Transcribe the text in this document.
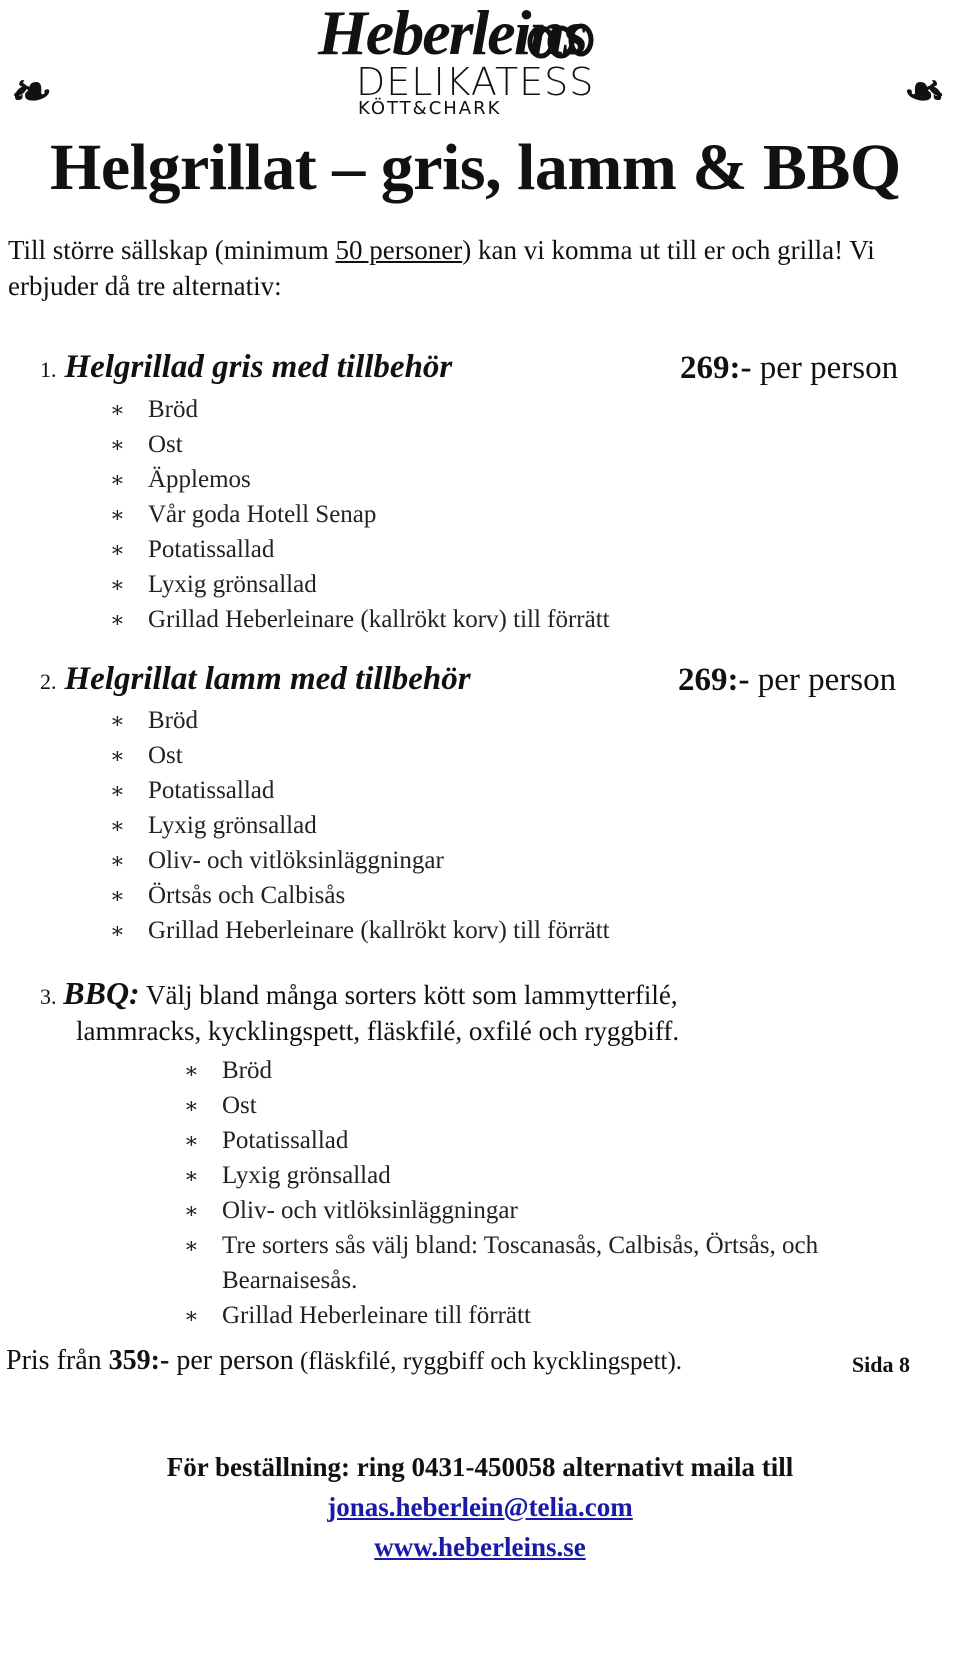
Heberleins
DELIKATESS
KÖTT&CHARK
❧	❧
Helgrillat – gris, lamm & BBQ

Till större sällskap (minimum 50 personer) kan vi komma ut till er och grilla! Vi erbjuder då tre alternativ:

1. Helgrillad gris med tillbehör	269:- per person
∗ Bröd
∗ Ost
∗ Äpplemos
∗ Vår goda Hotell Senap
∗ Potatissallad
∗ Lyxig grönsallad
∗ Grillad Heberleinare (kallrökt korv) till förrätt
2. Helgrillat lamm med tillbehör	269:- per person
∗ Bröd
∗ Ost
∗ Potatissallad
∗ Lyxig grönsallad
∗ Oliv- och vitlöksinläggningar
∗ Örtsås och Calbisås
∗ Grillad Heberleinare (kallrökt korv) till förrätt
3. BBQ: Välj bland många sorters kött som lammytterfilé,
lammracks, kycklingspett, fläskfilé, oxfilé och ryggbiff.
∗ Bröd
∗ Ost
∗ Potatissallad
∗ Lyxig grönsallad
∗ Oliv- och vitlöksinläggningar
∗ Tre sorters sås välj bland: Toscanasås, Calbisås, Örtsås, och Bearnaisesås.
∗ Grillad Heberleinare till förrätt
Pris från 359:- per person (fläskfilé, ryggbiff och kycklingspett).	Sida 8
För beställning: ring 0431-450058 alternativt maila till
jonas.heberlein@telia.com
www.heberleins.se
